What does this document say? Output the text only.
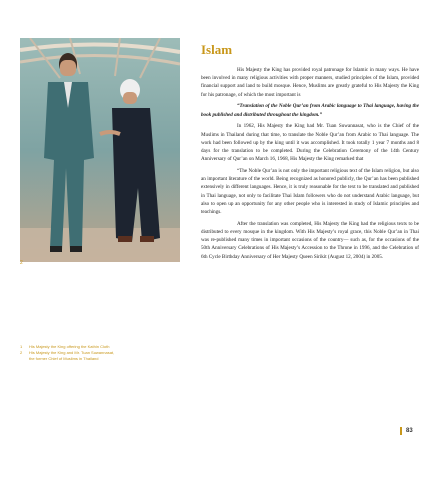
2
1	His Majesty the King offering the Kathin Cloth
2	His Majesty the King and Mr. Tuan Suwannasat,
the former Chief of Muslims in Thailand
Islam

His Majesty the King has provided royal patronage for Islamic in many ways. He have been involved in many religious activities with proper manners, studied principles of the Islam, provided financial support and land to build mosque. Hence, Muslims are greatly grateful to His Majesty the King for his patronage, of which the most important is

“Translation of the Noble Qur’an from Arabic language to Thai language, having the book published and distributed throughout the kingdom.”

In 1962, His Majesty the King had Mr. Tuan Suwannasat, who is the Chief of the Muslims in Thailand during that time, to translate the Noble Qur’an from Arabic to Thai language. The work had been followed up by the king until it was accomplished. It took totally 1 year 7 months and 8 days for the translation to be completed. During the Celebration Ceremony of the 14th Century Anniversary of Qur’an on March 16, 1968, His Majesty the King remarked that

“The Noble Qur’an is not only the important religious text of the Islam religion, but also an important literature of the world. Being recognized as honored publicly, the Qur’an has been published extensively in different languages. Hence, it is truly reasonable for the text to be translated and published in Thai language, not only to facilitate Thai Islam followers who do not understand Arabic language, but also to open up an opportunity for any other people who is interested in study of Islamic principles and teachings.

After the translation was completed, His Majesty the King had the religious texts to be distributed to every mosque in the kingdom. With His Majesty’s royal grace, this Noble Qur’an in Thai was re-published many times in important occasions of the country— such as, for the occasions of the 50th Anniversary Celebrations of His Majesty’s Accession to the Throne in 1996, and the Celebration of 6th Cycle Birthday Anniversary of Her Majesty Queen Sirikit (August 12, 2004) in 2005.

83
